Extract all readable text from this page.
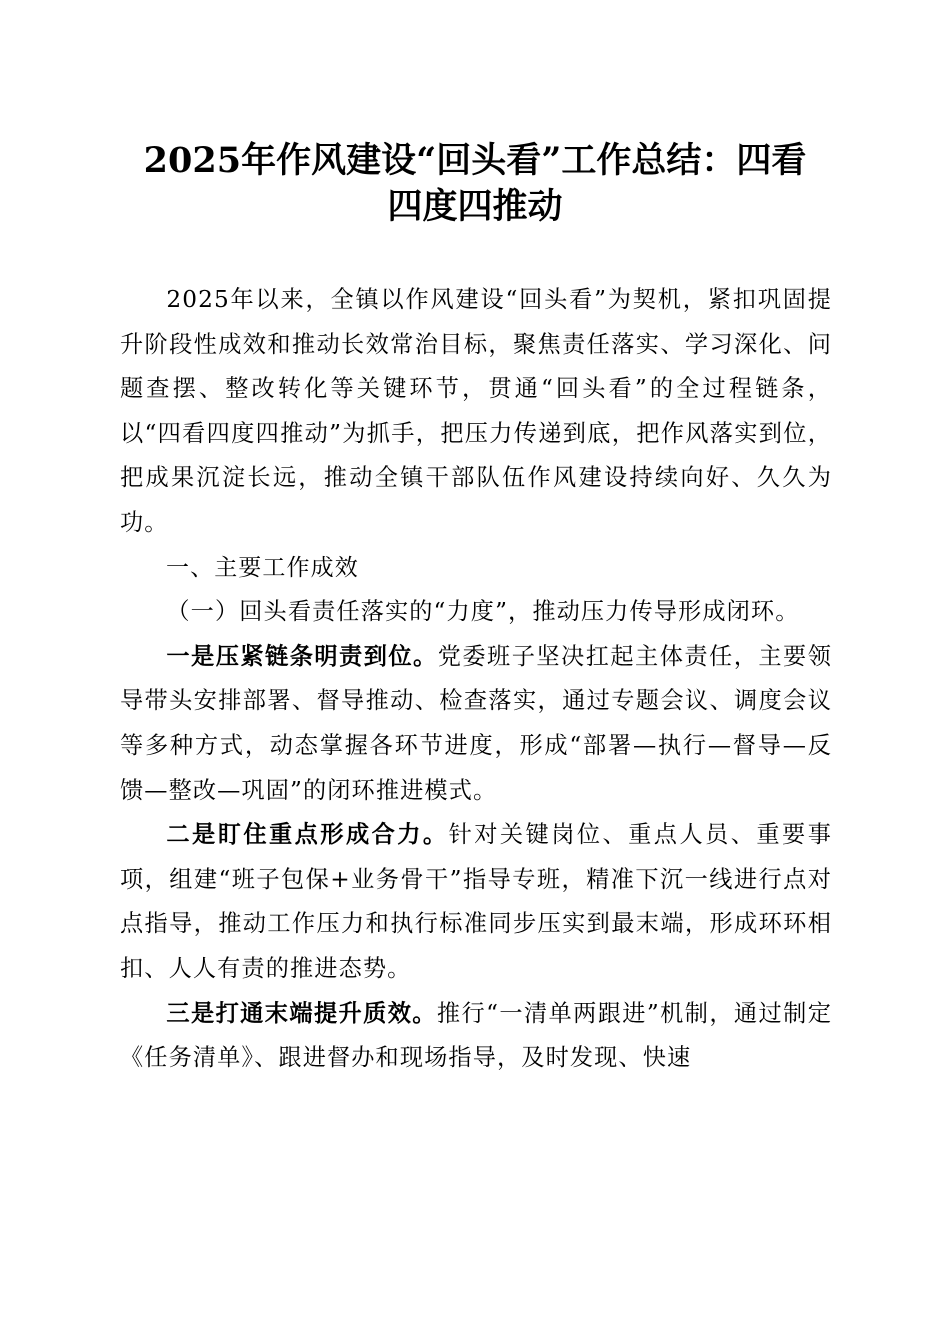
2025年作风建设“回头看”工作总结：四看
四度四推动

2025年以来，全镇以作风建设“回头看”为契机，紧扣巩固提升阶段性成效和推动长效常治目标，聚焦责任落实、学习深化、问题查摆、整改转化等关键环节，贯通“回头看”的全过程链条，以“四看四度四推动”为抓手，把压力传递到底，把作风落实到位，把成果沉淀长远，推动全镇干部队伍作风建设持续向好、久久为功。

一、主要工作成效

（一）回头看责任落实的“力度”，推动压力传导形成闭环。

一是压紧链条明责到位。党委班子坚决扛起主体责任，主要领导带头安排部署、督导推动、检查落实，通过专题会议、调度会议等多种方式，动态掌握各环节进度，形成“部署—执行—督导—反馈—整改—巩固”的闭环推进模式。

二是盯住重点形成合力。针对关键岗位、重点人员、重要事项，组建“班子包保+业务骨干”指导专班，精准下沉一线进行点对点指导，推动工作压力和执行标准同步压实到最末端，形成环环相扣、人人有责的推进态势。

三是打通末端提升质效。推行“一清单两跟进”机制，通过制定《任务清单》、跟进督办和现场指导，及时发现、快速
